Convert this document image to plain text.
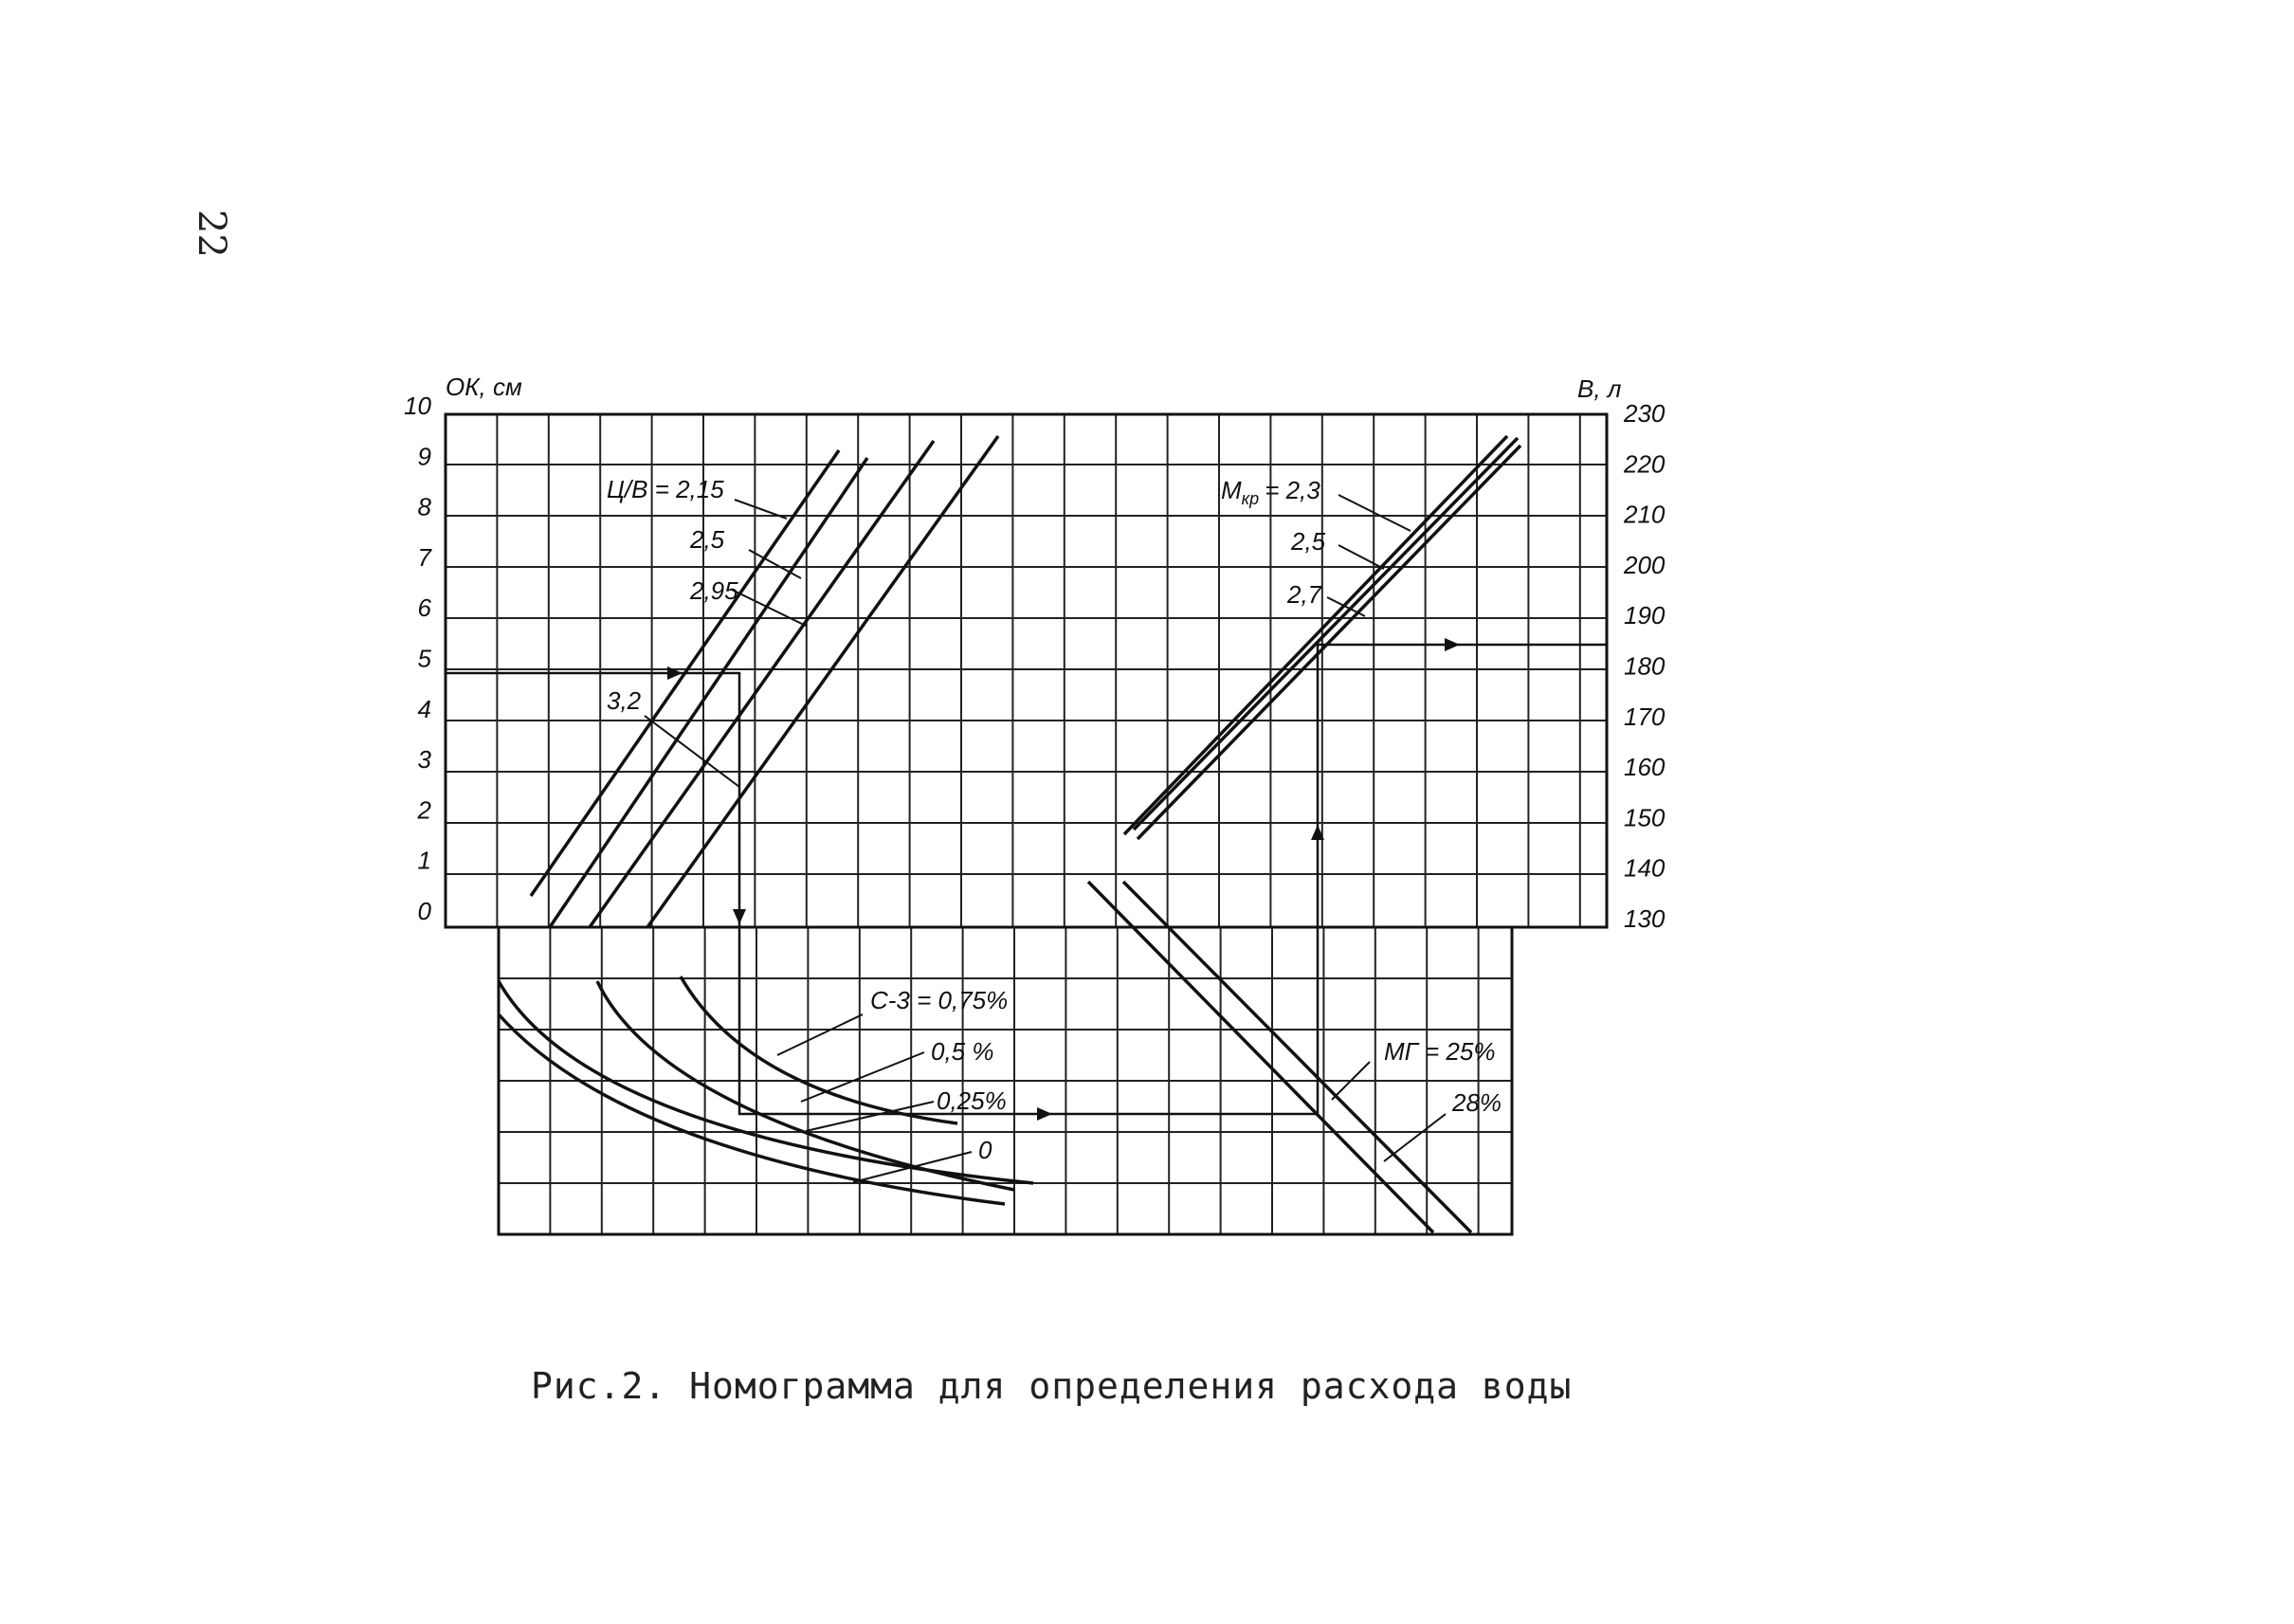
22
0
1
2
3
4
5
6
7
8
9
10
130
140
150
160
170
180
190
200
210
220
230
ОК, см	В, л
Ц/В = 2,15
2,5
2,95
3,2
$М_{кр} = 2,3$
2,5
2,7
С-3 = 0,75%
0,5 %
0,25%
0
МГ = 25%
28%
Рис.2. Номограмма для определения расхода воды
